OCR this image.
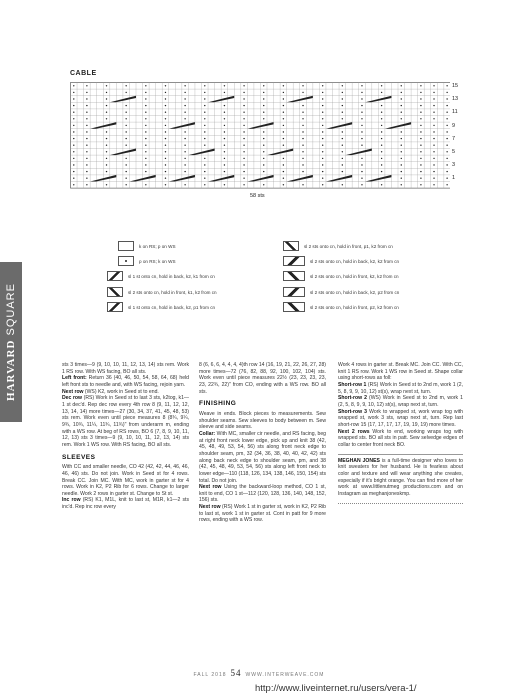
HARVARD SQUARE
CABLE
15
13
11
9
7
5
3
1
58 sts
k on RS; p on WS
p on RS; k on WS
sl 1 st onto cn, hold in back, k2, k1 from cn
sl 2 sts onto cn, hold in front, k1, k2 from cn
sl 1 st onto cn, hold in back, k2, p1 from cn
sl 2 sts onto cn, hold in front, p1, k2 from cn
sl 2 sts onto cn, hold in back, k2, k2 from cn
sl 2 sts onto cn, hold in front, k2, k2 from cn
sl 2 sts onto cn, hold in back, k2, p2 from cn
sl 2 sts onto cn, hold in front, p2, k2 from cn

sts 3 times—9 (9, 10, 10, 11, 12, 13, 14) sts rem. Work 1 RS row. With WS facing, BO all sts.

Left front: Return 36 (40, 46, 50, 54, 58, 64, 68) held left front sts to needle and, with WS facing, rejoin yarn.

Next row (WS) K2, work in Seed st to end.

Dec row (RS) Work in Seed st to last 3 sts, k2tog, k1—1 st dec'd. Rep dec row every 4th row 8 (9, 11, 12, 12, 13, 14, 14) more times—27 (30, 34, 37, 41, 45, 48, 53) sts rem. Work even until piece measures 8 (8¾, 9¼, 9¾, 10¾, 11¼, 11¾, 11¾)" from underarm m, ending with a WS row. At beg of RS rows, BO 6 (7, 8, 9, 10, 11, 12, 13) sts 3 times—9 (9, 10, 10, 11, 12, 13, 14) sts rem. Work 1 WS row. With RS facing, BO all sts.

SLEEVES

With CC and smaller needle, CO 42 (42, 42, 44, 46, 46, 46, 46) sts. Do not join. Work in Seed st for 4 rows. Break CC. Join MC. With MC, work in garter st for 4 rows. Work in K2, P2 Rib for 6 rows. Change to larger needle. Work 2 rows in garter st. Change to St st.

Inc row (RS) K1, M1L, knit to last st, M1R, k1—2 sts inc'd. Rep inc row every

8 (6, 6, 6, 4, 4, 4, 4)th row 14 (16, 19, 21, 22, 26, 27, 28) more times—72 (76, 82, 88, 92, 100, 102, 104) sts. Work even until piece measures 22½ (23, 23, 23, 23, 23, 22¾, 22)" from CO, ending with a WS row. BO all sts.

FINISHING

Weave in ends. Block pieces to measurements. Sew shoulder seams. Sew sleeves to body between m. Sew sleeve and side seams.

Collar: With MC, smaller cir needle, and RS facing, beg at right front neck lower edge, pick up and knit 38 (42, 45, 48, 49, 53, 54, 56) sts along front neck edge to shoulder seam, pm, 32 (34, 36, 38, 40, 40, 42, 42) sts along back neck edge to shoulder seam, pm, and 38 (42, 45, 48, 49, 53, 54, 56) sts along left front neck to lower edge—110 (118, 126, 134, 138, 146, 150, 154) sts total. Do not join.

Next row Using the backward-loop method, CO 1 st, knit to end, CO 1 st—112 (120, 128, 136, 140, 148, 152, 156) sts.

Next row (RS) Work 1 st in garter st, work in K2, P2 Rib to last st, work 1 st in garter st. Cont in patt for 9 more rows, ending with a WS row.

Work 4 rows in garter st. Break MC. Join CC. With CC, knit 1 RS row. Work 1 WS row in Seed st. Shape collar using short-rows as foll:

Short-row 1 (RS) Work in Seed st to 2nd m, work 1 (2, 5, 8, 9, 9, 10, 12) st(s), wrap next st, turn.

Short-row 2 (WS) Work in Seed st to 2nd m, work 1 (2, 5, 8, 9, 9, 10, 12) st(s), wrap next st, turn.

Short-row 3 Work to wrapped st, work wrap tog with wrapped st, work 3 sts, wrap next st, turn. Rep last short-row 15 (17, 17, 17, 17, 19, 19, 19) more times.

Next 2 rows Work to end, working wraps tog with wrapped sts. BO all sts in patt. Sew selvedge edges of collar to center front neck BO.

MEGHAN JONES is a full-time designer who loves to knit sweaters for her husband. He is fearless about color and texture and will wear anything she creates, especially if it's bright orange. You can find more of her work at www.littlenutmeg productions.com and on Instagram as meghanjoneskmp.
FALL 2018 54 WWW.INTERWEAVE.COM
http://www.liveinternet.ru/users/vera-1/
